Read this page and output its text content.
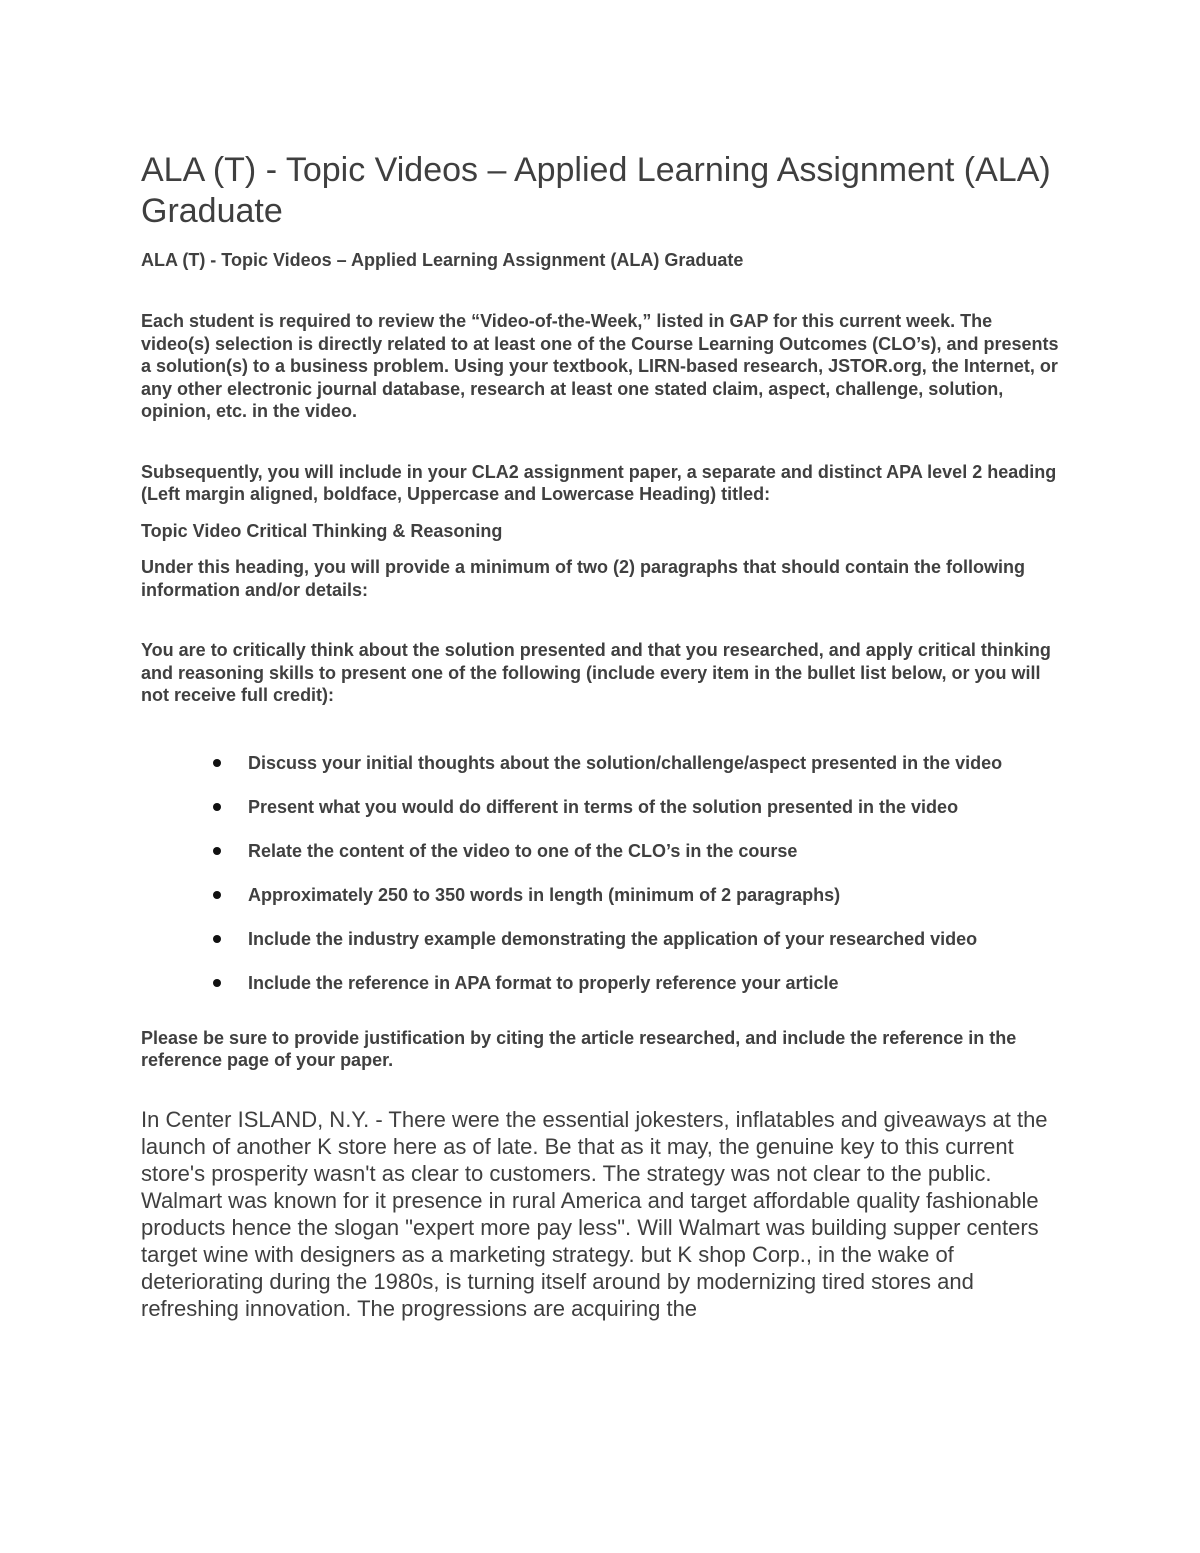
ALA (T) - Topic Videos – Applied Learning Assignment (ALA) Graduate

ALA (T) - Topic Videos – Applied Learning Assignment (ALA) Graduate

Each student is required to review the “Video-of-the-Week,” listed in GAP for this current week. The video(s) selection is directly related to at least one of the Course Learning Outcomes (CLO’s), and presents a solution(s) to a business problem. Using your textbook, LIRN-based research, JSTOR.org, the Internet, or any other electronic journal database, research at least one stated claim, aspect, challenge, solution, opinion, etc. in the video.

Subsequently, you will include in your CLA2 assignment paper, a separate and distinct APA level 2 heading (Left margin aligned, boldface, Uppercase and Lowercase Heading) titled:

Topic Video Critical Thinking & Reasoning

Under this heading, you will provide a minimum of two (2) paragraphs that should contain the following information and/or details:

You are to critically think about the solution presented and that you researched, and apply critical thinking and reasoning skills to present one of the following (include every item in the bullet list below, or you will not receive full credit):

Discuss your initial thoughts about the solution/challenge/aspect presented in the video
Present what you would do different in terms of the solution presented in the video
Relate the content of the video to one of the CLO’s in the course
Approximately 250 to 350 words in length (minimum of 2 paragraphs)
Include the industry example demonstrating the application of your researched video
Include the reference in APA format to properly reference your article

Please be sure to provide justification by citing the article researched, and include the reference in the reference page of your paper.

In Center ISLAND, N.Y. - There were the essential jokesters, inflatables and giveaways at the launch of another K store here as of late. Be that as it may, the genuine key to this current store's prosperity wasn't as clear to customers. The strategy was not clear to the public. Walmart was known for it presence in rural America and target affordable quality fashionable products hence the slogan "expert more pay less". Will Walmart was building supper centers target wine with designers as a marketing strategy. but K shop Corp., in the wake of deteriorating during the 1980s, is turning itself around by modernizing tired stores and refreshing innovation. The progressions are acquiring the
